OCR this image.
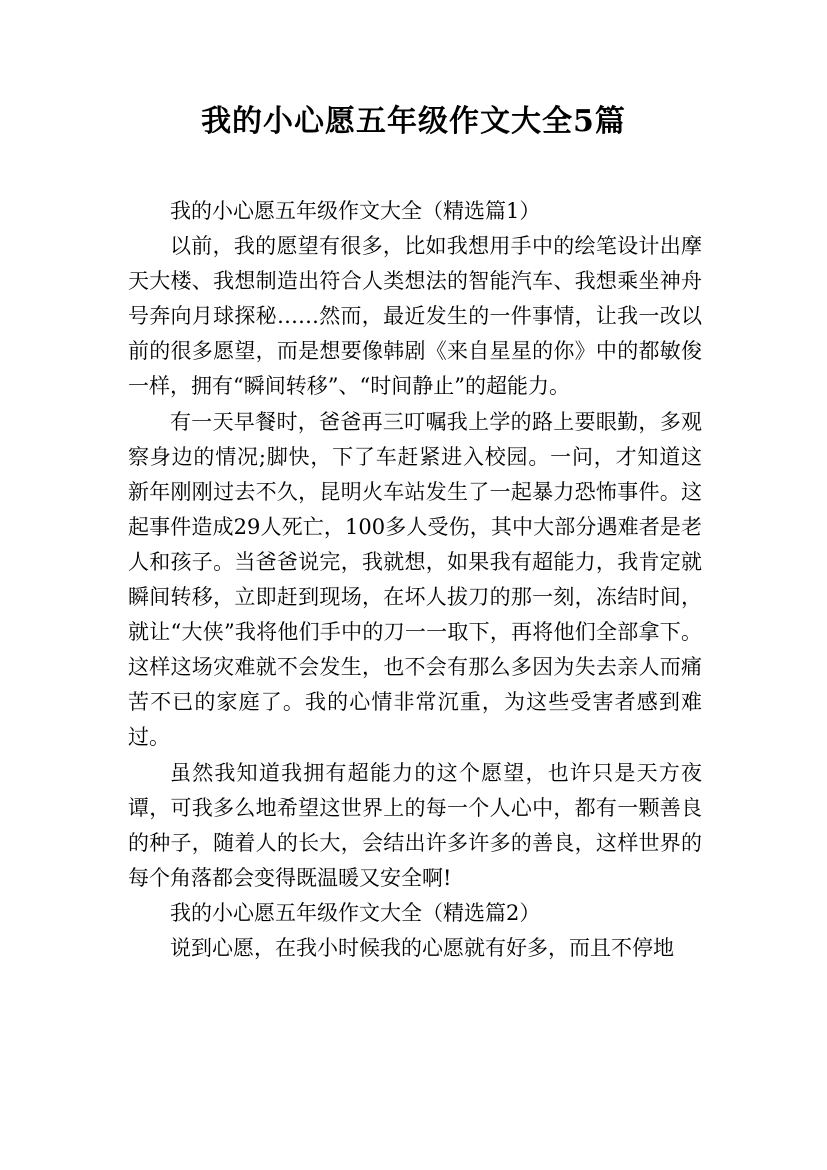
我的小心愿五年级作文大全5篇

我的小心愿五年级作文大全（精选篇1）

以前，我的愿望有很多，比如我想用手中的绘笔设计出摩天大楼、我想制造出符合人类想法的智能汽车、我想乘坐神舟号奔向月球探秘……然而，最近发生的一件事情，让我一改以前的很多愿望，而是想要像韩剧《来自星星的你》中的都敏俊一样，拥有“瞬间转移”、“时间静止”的超能力。

有一天早餐时，爸爸再三叮嘱我上学的路上要眼勤，多观察身边的情况;脚快，下了车赶紧进入校园。一问，才知道这新年刚刚过去不久，昆明火车站发生了一起暴力恐怖事件。这起事件造成29人死亡，100多人受伤，其中大部分遇难者是老人和孩子。当爸爸说完，我就想，如果我有超能力，我肯定就瞬间转移，立即赶到现场，在坏人拔刀的那一刻，冻结时间，就让“大侠”我将他们手中的刀一一取下，再将他们全部拿下。这样这场灾难就不会发生，也不会有那么多因为失去亲人而痛苦不已的家庭了。我的心情非常沉重，为这些受害者感到难过。

虽然我知道我拥有超能力的这个愿望，也许只是天方夜谭，可我多么地希望这世界上的每一个人心中，都有一颗善良的种子，随着人的长大，会结出许多许多的善良，这样世界的每个角落都会变得既温暖又安全啊!

我的小心愿五年级作文大全（精选篇2）

说到心愿，在我小时候我的心愿就有好多，而且不停地
